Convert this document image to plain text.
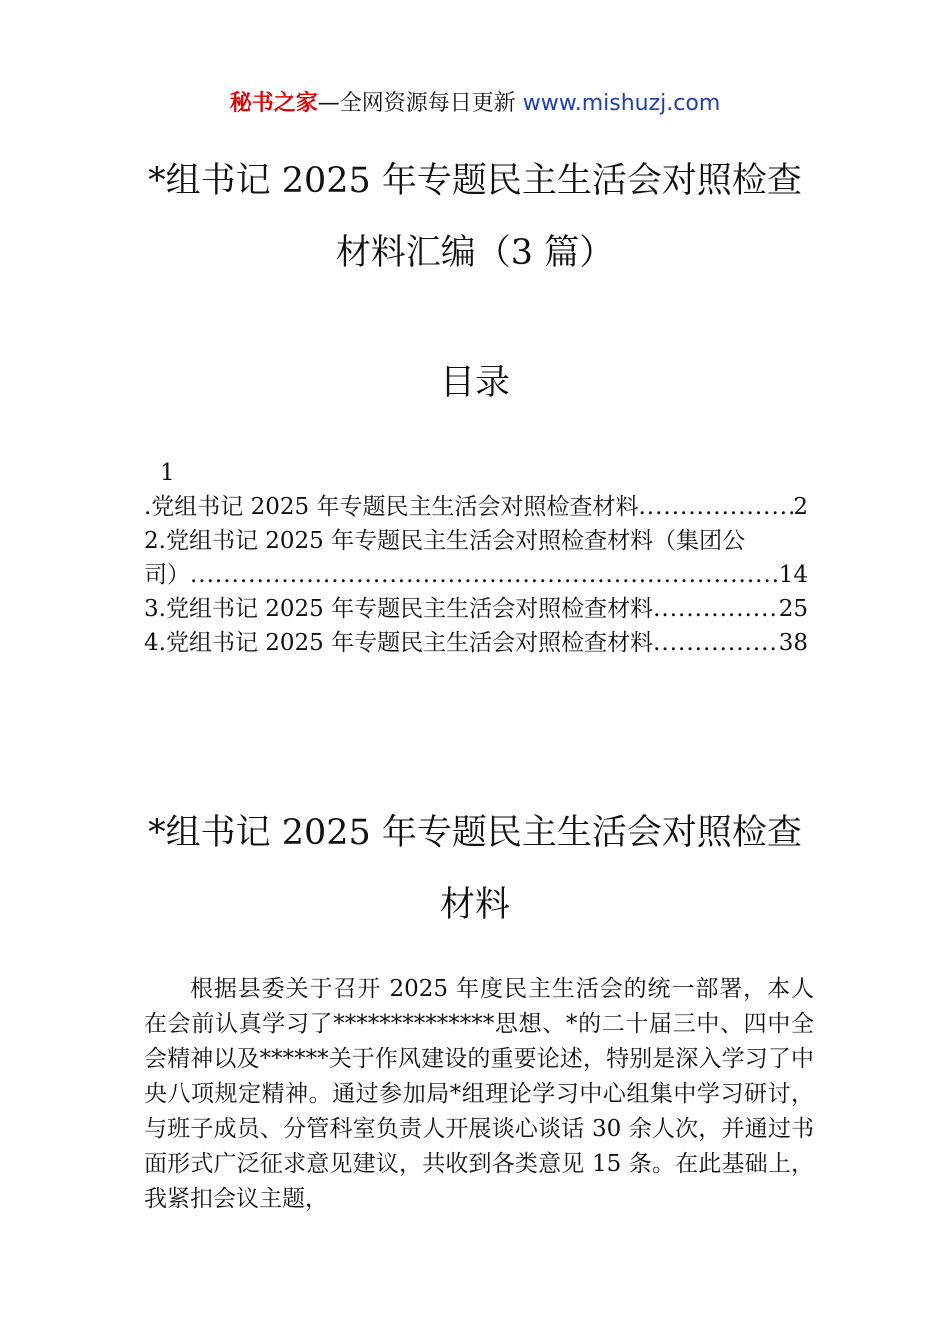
秘书之家—全网资源每日更新 www.mishuzj.com
*组书记 2025 年专题民主生活会对照检查
材料汇编（3 篇）
目录
1
.党组书记 2025 年专题民主生活会对照检查材料 .....	2
2.党组书记 2025 年专题民主生活会对照检查材料（集团公
司） .....	14
3.党组书记 2025 年专题民主生活会对照检查材料 .....	25
4.党组书记 2025 年专题民主生活会对照检查材料 .....	38
*组书记 2025 年专题民主生活会对照检查
材料

根据县委关于召开 2025 年度民主生活会的统一部署，本人在会前认真学习了**************思想、*的二十届三中、四中全会精神以及******关于作风建设的重要论述，特别是深入学习了中央八项规定精神。通过参加局*组理论学习中心组集中学习研讨，与班子成员、分管科室负责人开展谈心谈话 30 余人次，并通过书面形式广泛征求意见建议，共收到各类意见 15 条。在此基础上，我紧扣会议主题，
